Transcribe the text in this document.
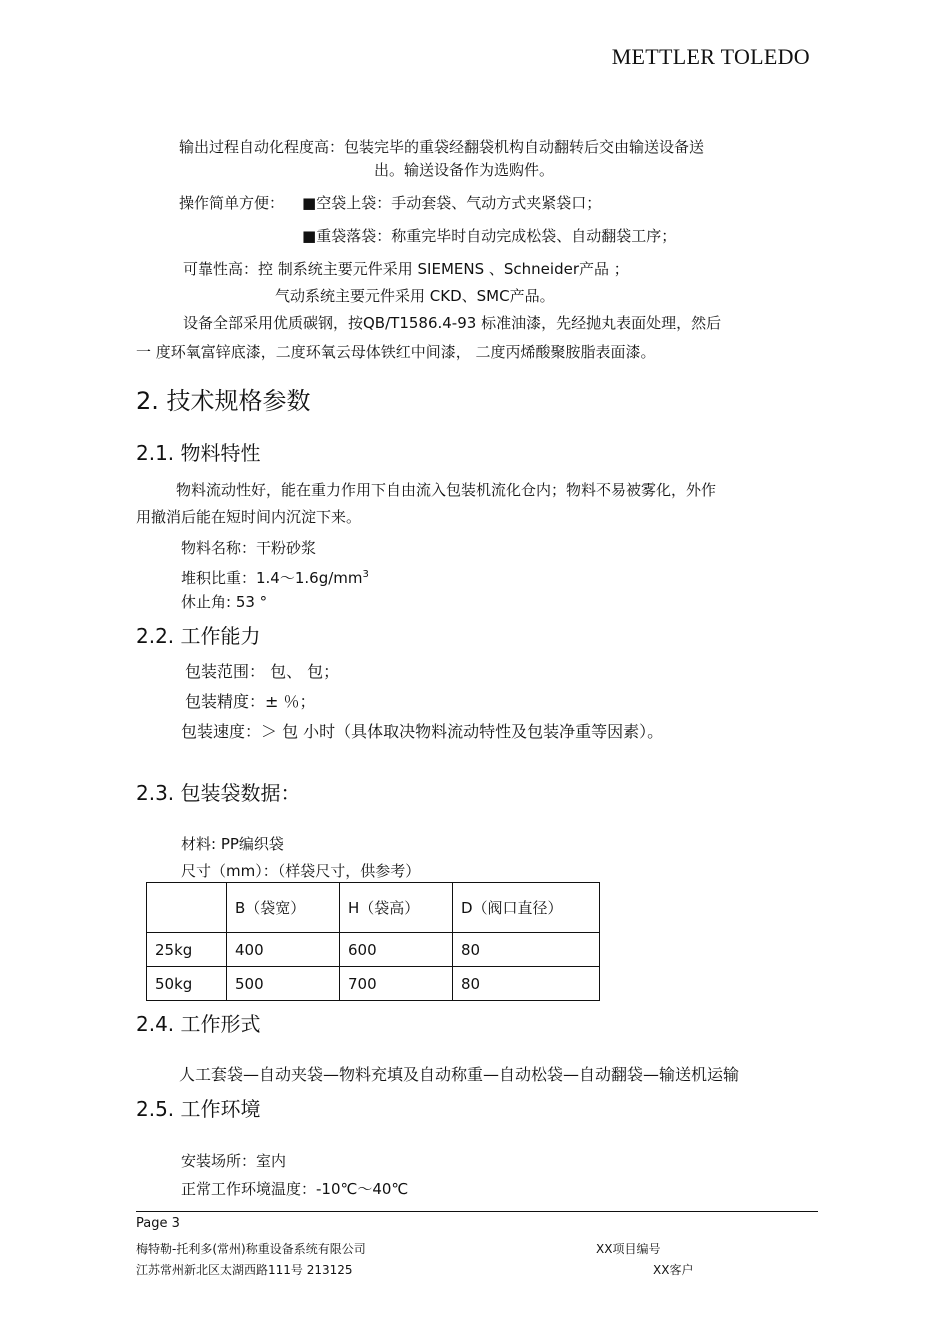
METTLER TOLEDO
输出过程自动化程度高：包装完毕的重袋经翻袋机构自动翻转后交由输送设备送
出。输送设备作为选购件。
操作简单方便： ■空袋上袋：手动套袋、气动方式夹紧袋口；
■重袋落袋：称重完毕时自动完成松袋、自动翻袋工序；
可靠性高：控 制系统主要元件采用 SIEMENS 、Schneider产品 ；
气动系统主要元件采用 CKD、SMC产品。
设备全部采用优质碳钢，按QB/T1586.4-93 标准油漆，先经抛丸表面处理，然后
一 度环氧富锌底漆，二度环氧云母体铁红中间漆， 二度丙烯酸聚胺脂表面漆。
2. 技术规格参数
2.1. 物料特性
物料流动性好，能在重力作用下自由流入包装机流化仓内；物料不易被雾化，外作
用撤消后能在短时间内沉淀下来。
物料名称：干粉砂浆
堆积比重：$1.4\sim 1.6g/mm^3$
休止角: 53 °
2.2. 工作能力
包装范围： 包、 包；
包装精度：± ％；
包装速度：＞ 包 小时（具体取决物料流动特性及包装净重等因素）。
2.3. 包装袋数据：
材料: PP编织袋
尺寸（mm）：（样袋尺寸，供参考）
	B（袋宽）	H（袋高）	D（阀口直径）
25kg	400	600	80
50kg	500	700	80
2.4. 工作形式
人工套袋—自动夹袋—物料充填及自动称重—自动松袋—自动翻袋—输送机运输
2.5. 工作环境
安装场所：室内
正常工作环境温度：-10℃～40℃
Page 3
梅特勒-托利多(常州)称重设备系统有限公司	XX项目编号
江苏常州新北区太湖西路111号 213125	XX客户
